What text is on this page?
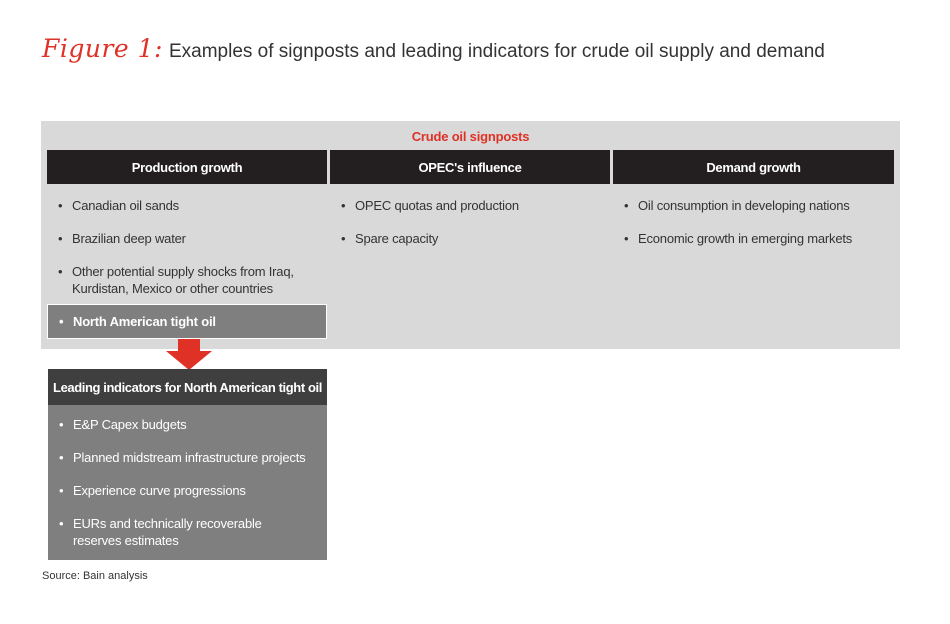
Figure 1: Examples of signposts and leading indicators for crude oil supply and demand
Crude oil signposts
Production growth	OPEC's influence	Demand growth
• Canadian oil sands
• Brazilian deep water
• Other potential supply shocks from Iraq, Kurdistan, Mexico or other countries
• North American tight oil
• OPEC quotas and production
• Spare capacity
• Oil consumption in developing nations
• Economic growth in emerging markets
Leading indicators for North American tight oil
• E&P Capex budgets
• Planned midstream infrastructure projects
• Experience curve progressions
• EURs and technically recoverable reserves estimates
Source: Bain analysis
